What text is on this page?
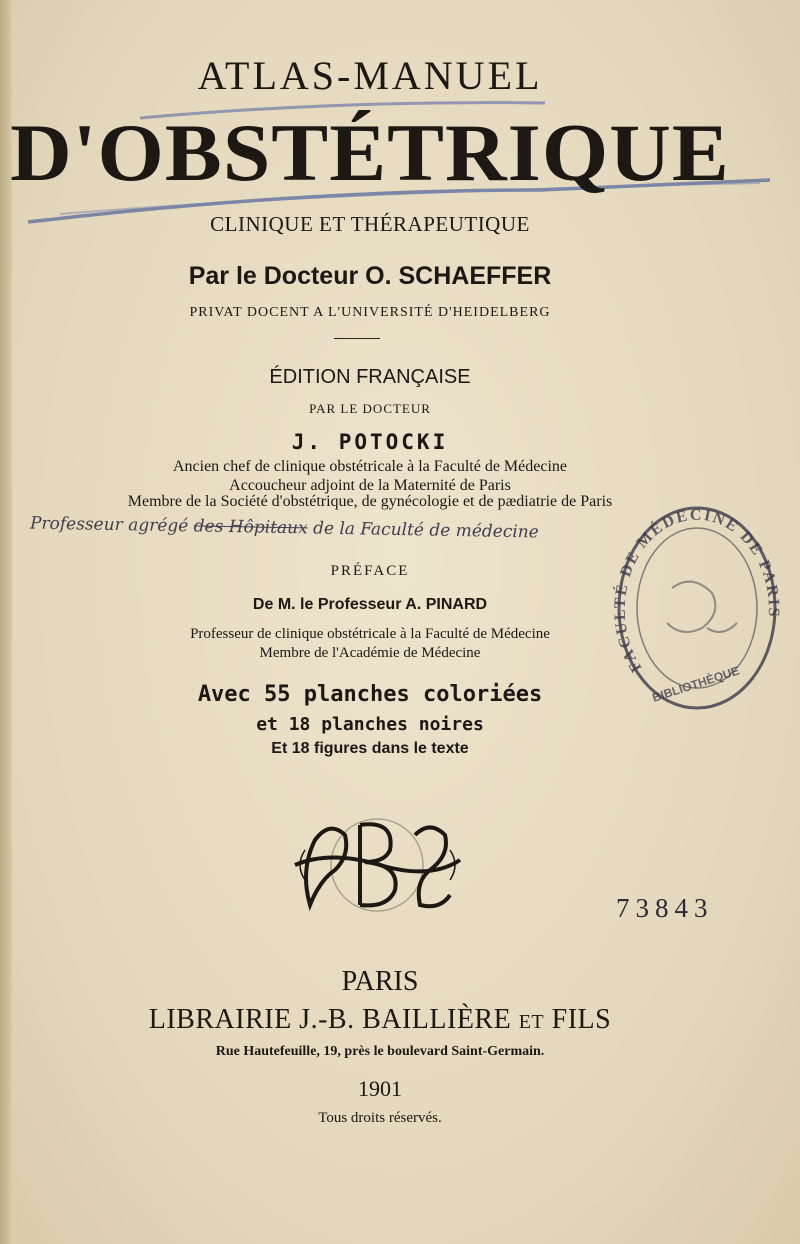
ATLAS-MANUEL
D'OBSTÉTRIQUE
CLINIQUE ET THÉRAPEUTIQUE
Par le Docteur O. SCHAEFFER
PRIVAT DOCENT A L'UNIVERSITÉ D'HEIDELBERG
ÉDITION FRANÇAISE
PAR LE DOCTEUR
J. POTOCKI
Ancien chef de clinique obstétricale à la Faculté de Médecine
Accoucheur adjoint de la Maternité de Paris
Membre de la Société d'obstétrique, de gynécologie et de pædiatrie de Paris
Professeur agrégé des Hôpitaux de la Faculté de médecine
PRÉFACE
De M. le Professeur A. PINARD
Professeur de clinique obstétricale à la Faculté de Médecine
Membre de l'Académie de Médecine
Avec 55 planches coloriées
et 18 planches noires
Et 18 figures dans le texte
FACULTÉ DE MÉDECINE DE PARIS
BIBLIOTHÈQUE
73843
PARIS
LIBRAIRIE J.-B. BAILLIÈRE ET FILS
Rue Hautefeuille, 19, près le boulevard Saint-Germain.
1901
Tous droits réservés.
